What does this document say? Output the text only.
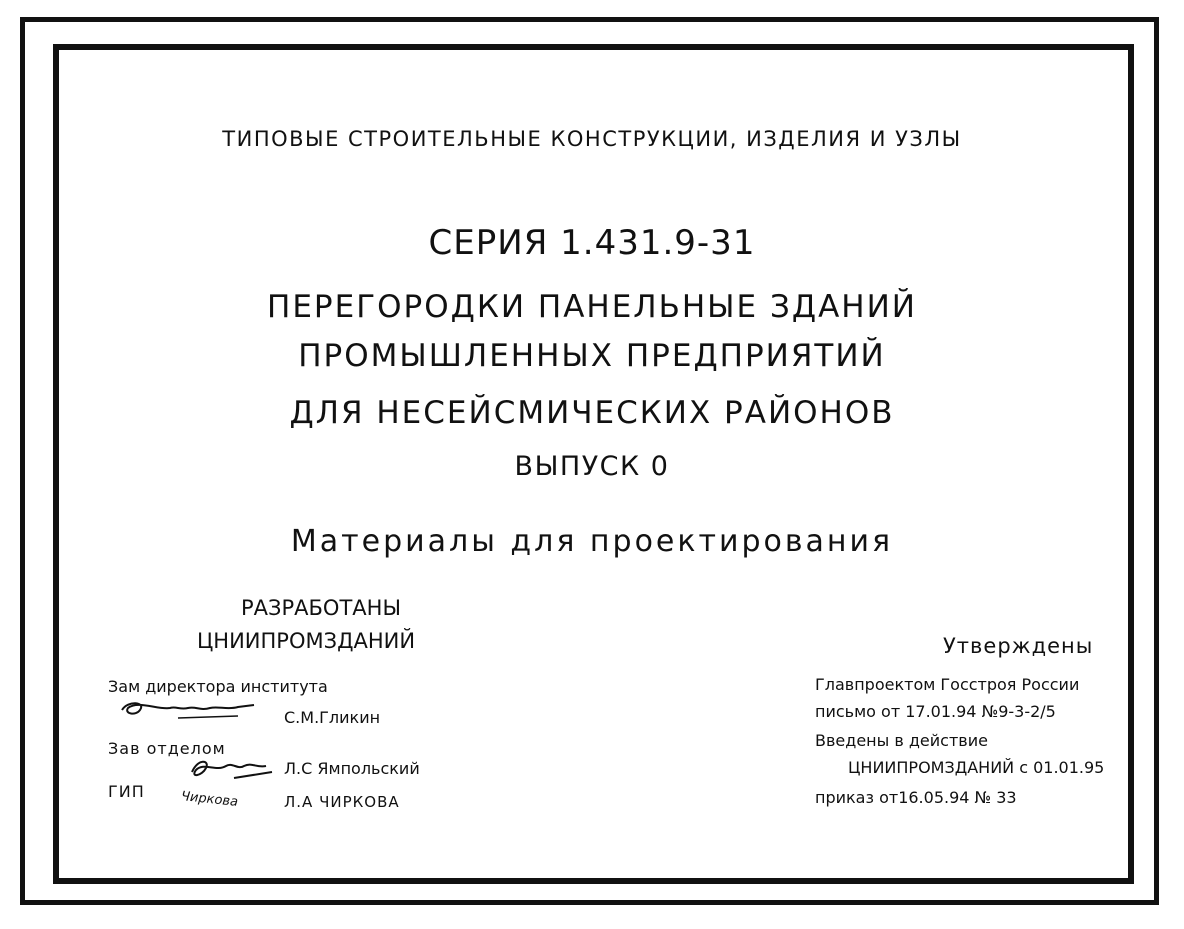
ТИПОВЫЕ СТРОИТЕЛЬНЫЕ КОНСТРУКЦИИ, ИЗДЕЛИЯ И УЗЛЫ
СЕРИЯ 1.431.9-31
ПЕРЕГОРОДКИ ПАНЕЛЬНЫЕ ЗДАНИЙ
ПРОМЫШЛЕННЫХ ПРЕДПРИЯТИЙ
ДЛЯ НЕСЕЙСМИЧЕСКИХ РАЙОНОВ
ВЫПУСК 0
Материалы для проектирования
РАЗРАБОТАНЫ
ЦНИИПРОМЗДАНИЙ
Зам директора института
С.М.Гликин
Зав отделом
Л.С Ямпольский
ГИП	Чиркова	Л.А ЧИРКОВА
Утверждены
Главпроектом Госстроя России
письмо от 17.01.94 №9-3-2/5
Введены в действие
ЦНИИПРОМЗДАНИЙ с 01.01.95
приказ от16.05.94 № 33
